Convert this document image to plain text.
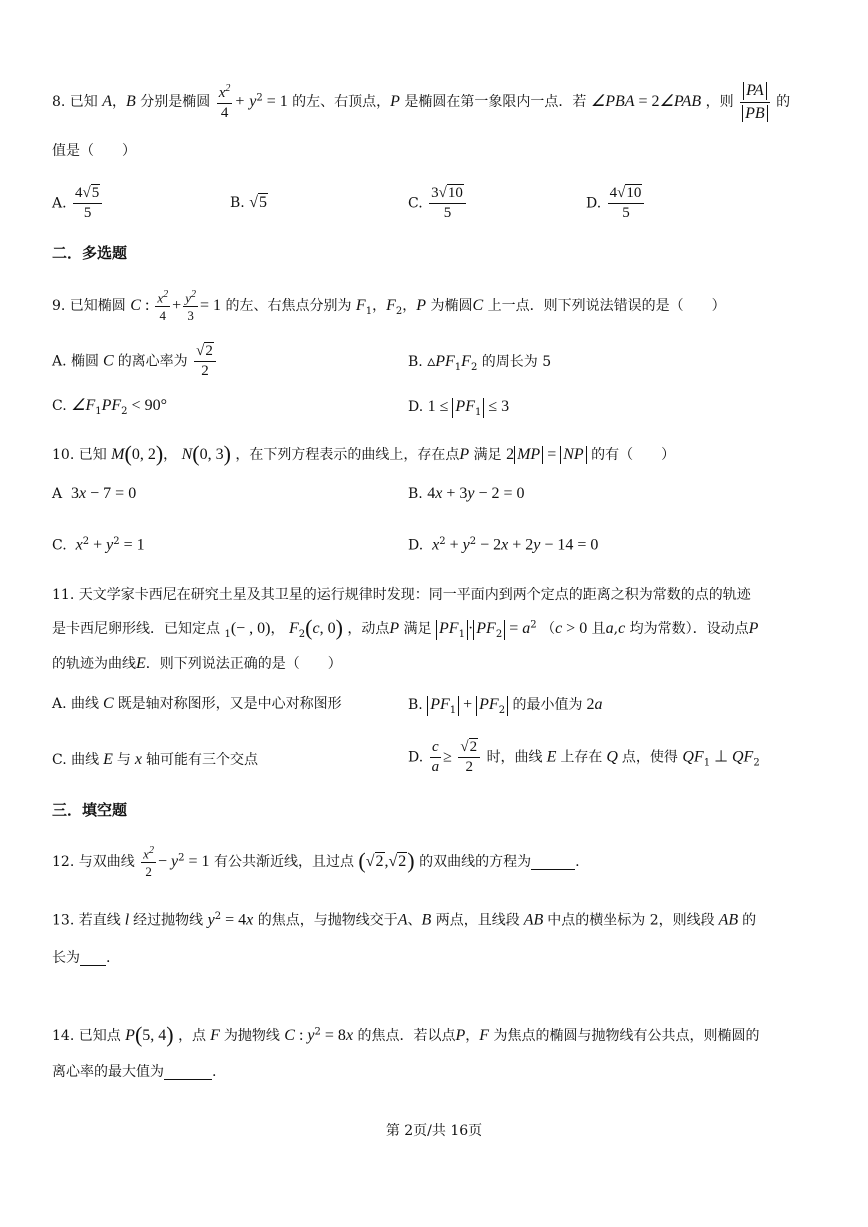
8. 已知 A，B 分别是椭圆 $\frac{x^2}{4} + y^2 = 1$ 的左、右顶点，P 是椭圆在第一象限内一点．若 ∠PBA = 2∠PAB ，则 $\frac{PA}{PB}$ 的
值是（　　）
A. $\frac{4√5}{5}$	B. √5	C. $\frac{3√10}{5}$	D. $\frac{4√10}{5}$
二．多选题
9. 已知椭圆 C : $\frac{x^2}{4} + \frac{y^2}{3} = 1$ 的左、右焦点分别为 $F_1$，$F_2$，P 为椭圆C 上一点．则下列说法错误的是（　　）
A. 椭圆 C 的离心率为 $\frac{√2}{2}$	B. $▵PF_1F_2$ 的周长为 5
C. $\angle F_1PF_2 < 90^\circ$	D. $1 \le PF_1 \le 3$
10. 已知 M(0, 2)， N(0, 3) ，在下列方程表示的曲线上，存在点P 满足 2 MP = NP 的有（　　）
A 3x − 7 = 0	B. 4x + 3y − 2 = 0
C. $x^2 + y^2 = 1$	D. $x^2 + y^2 - 2x + 2y - 14 = 0$
11. 天文学家卡西尼在研究土星及其卫星的运行规律时发现：同一平面内到两个定点的距离之积为常数的点的轨迹
是卡西尼卵形线．已知定点 $_1$(− , 0)， $F_2(c$, 0) ，动点P 满足 $PF_1 \cdot PF_2 = a^2$ （c > 0 且a,c 均为常数）．设动点P
的轨迹为曲线E．则下列说法正确的是（　　）
A. 曲线 C 既是轴对称图形，又是中心对称图形	B. $PF_1 + PF_2$ 的最小值为 2a
C. 曲线 E 与 x 轴可能有三个交点	D. $\frac{c}{a} \ge \frac{√2}{2}$ 时，曲线 E 上存在 Q 点，使得 $QF_1$ ⊥ $QF_2$
三．填空题
12. 与双曲线 $\frac{x^2}{2} - y^2 = 1$ 有公共渐近线，且过点 (√2,√2) 的双曲线的方程为	.
13. 若直线 l 经过抛物线 $y^2 = 4x$ 的焦点，与抛物线交于A、B 两点，且线段 AB 中点的横坐标为 2，则线段 AB 的
长为 .
14. 已知点 P(5, 4) ，点 F 为抛物线 C : $y^2 = 8x$ 的焦点．若以点P，F 为焦点的椭圆与抛物线有公共点，则椭圆的
离心率的最大值为	.
第 2页/共 16页
